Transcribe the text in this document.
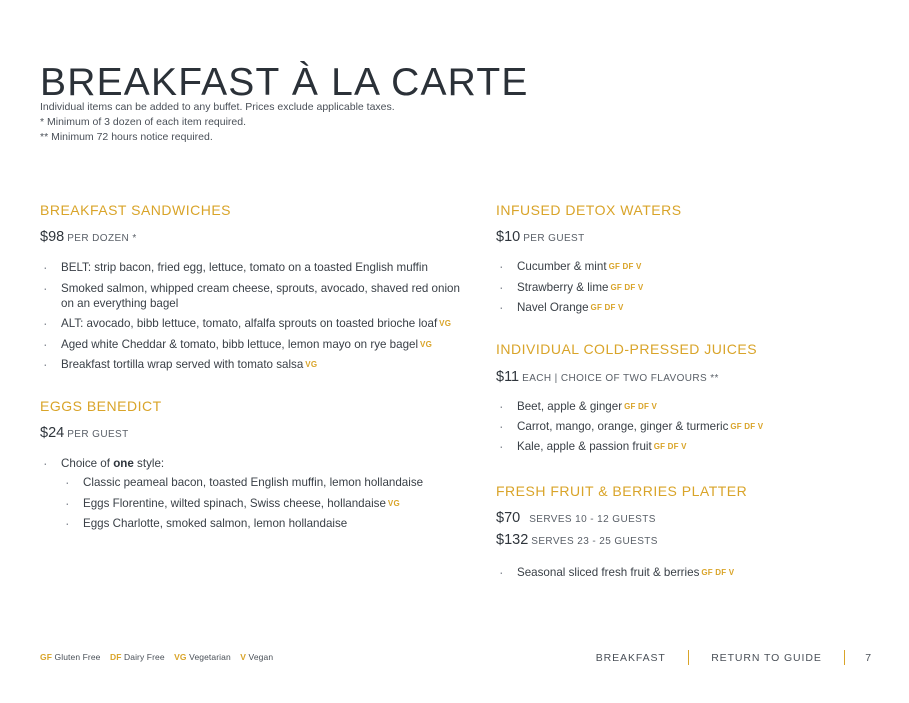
BREAKFAST À LA CARTE
Individual items can be added to any buffet. Prices exclude applicable taxes.
* Minimum of 3 dozen of each item required.
** Minimum 72 hours notice required.
BREAKFAST SANDWICHES
$98 PER DOZEN *
· BELT: strip bacon, fried egg, lettuce, tomato on a toasted English muffin
· Smoked salmon, whipped cream cheese, sprouts, avocado, shaved red onion on an everything bagel
· ALT: avocado, bibb lettuce, tomato, alfalfa sprouts on toasted brioche loaf VG
· Aged white Cheddar & tomato, bibb lettuce, lemon mayo on rye bagel VG
· Breakfast tortilla wrap served with tomato salsa VG
EGGS BENEDICT
$24 PER GUEST
· Choice of one style:
· Classic peameal bacon, toasted English muffin, lemon hollandaise
· Eggs Florentine, wilted spinach, Swiss cheese, hollandaise VG
· Eggs Charlotte, smoked salmon, lemon hollandaise
INFUSED DETOX WATERS
$10 PER GUEST
· Cucumber & mint GF DF V
· Strawberry & lime GF DF V
· Navel Orange GF DF V
INDIVIDUAL COLD-PRESSED JUICES
$11 EACH | CHOICE OF TWO FLAVOURS **
· Beet, apple & ginger GF DF V
· Carrot, mango, orange, ginger & turmeric GF DF V
· Kale, apple & passion fruit GF DF V
FRESH FRUIT & BERRIES PLATTER
$70 SERVES 10 - 12 GUESTS
$132 SERVES 23 - 25 GUESTS
· Seasonal sliced fresh fruit & berries GF DF V
GF Gluten Free DF Dairy Free VG Vegetarian V Vegan	BREAKFAST	RETURN TO GUIDE	7
